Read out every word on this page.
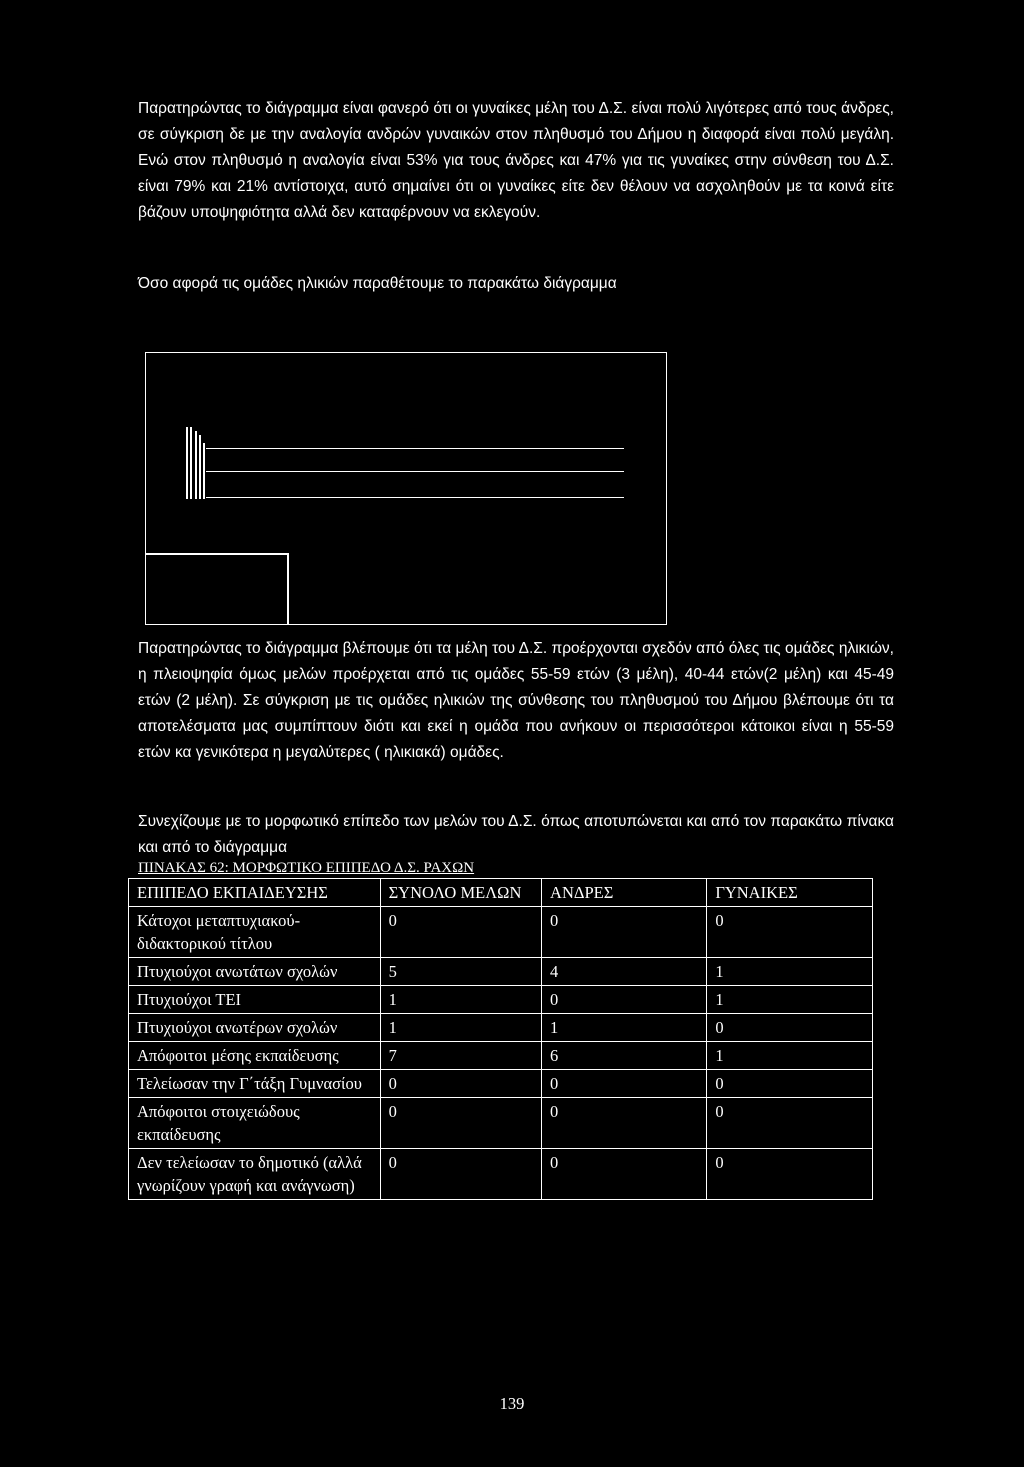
Παρατηρώντας το διάγραμμα είναι φανερό ότι οι γυναίκες μέλη του Δ.Σ. είναι πολύ λιγότερες από τους άνδρες, σε σύγκριση δε με την αναλογία ανδρών γυναικών στον πληθυσμό του Δήμου η διαφορά είναι πολύ μεγάλη. Ενώ στον πληθυσμό η αναλογία είναι 53% για τους άνδρες και 47% για τις γυναίκες στην σύνθεση του Δ.Σ. είναι 79% και 21% αντίστοιχα, αυτό σημαίνει ότι οι γυναίκες είτε δεν θέλουν να ασχοληθούν με τα κοινά είτε βάζουν υποψηφιότητα αλλά δεν καταφέρνουν να εκλεγούν.

Όσο αφορά τις ομάδες ηλικιών παραθέτουμε το παρακάτω διάγραμμα

Παρατηρώντας το διάγραμμα βλέπουμε ότι τα μέλη του Δ.Σ. προέρχονται σχεδόν από όλες τις ομάδες ηλικιών, η πλειοψηφία όμως μελών προέρχεται από τις ομάδες 55-59 ετών (3 μέλη), 40-44 ετών(2 μέλη) και 45-49 ετών (2 μέλη). Σε σύγκριση με τις ομάδες ηλικιών της σύνθεσης του πληθυσμού του Δήμου βλέπουμε ότι τα αποτελέσματα μας συμπίπτουν διότι και εκεί η ομάδα που ανήκουν οι περισσότεροι κάτοικοι είναι η 55-59 ετών κα γενικότερα η μεγαλύτερες ( ηλικιακά) ομάδες.

Συνεχίζουμε με το μορφωτικό επίπεδο των μελών του Δ.Σ. όπως αποτυπώνεται και από τον παρακάτω πίνακα και από το διάγραμμα

ΠΙΝΑΚΑΣ 62: ΜΟΡΦΩΤΙΚΟ ΕΠΙΠΕΔΟ Δ.Σ. ΡΑΧΩΝ

ΕΠΙΠΕΔΟ ΕΚΠΑΙΔΕΥΣΗΣ	ΣΥΝΟΛΟ ΜΕΛΩΝ	ΑΝΔΡΕΣ	ΓΥΝΑΙΚΕΣ
Κάτοχοι μεταπτυχιακού-διδακτορικού τίτλου	0	0	0
Πτυχιούχοι ανωτάτων σχολών	5	4	1
Πτυχιούχοι ΤΕΙ	1	0	1
Πτυχιούχοι ανωτέρων σχολών	1	1	0
Απόφοιτοι μέσης εκπαίδευσης	7	6	1
Τελείωσαν την Γ΄τάξη Γυμνασίου	0	0	0
Απόφοιτοι στοιχειώδους εκπαίδευσης	0	0	0
Δεν τελείωσαν το δημοτικό (αλλά γνωρίζουν γραφή και ανάγνωση)	0	0	0
139
